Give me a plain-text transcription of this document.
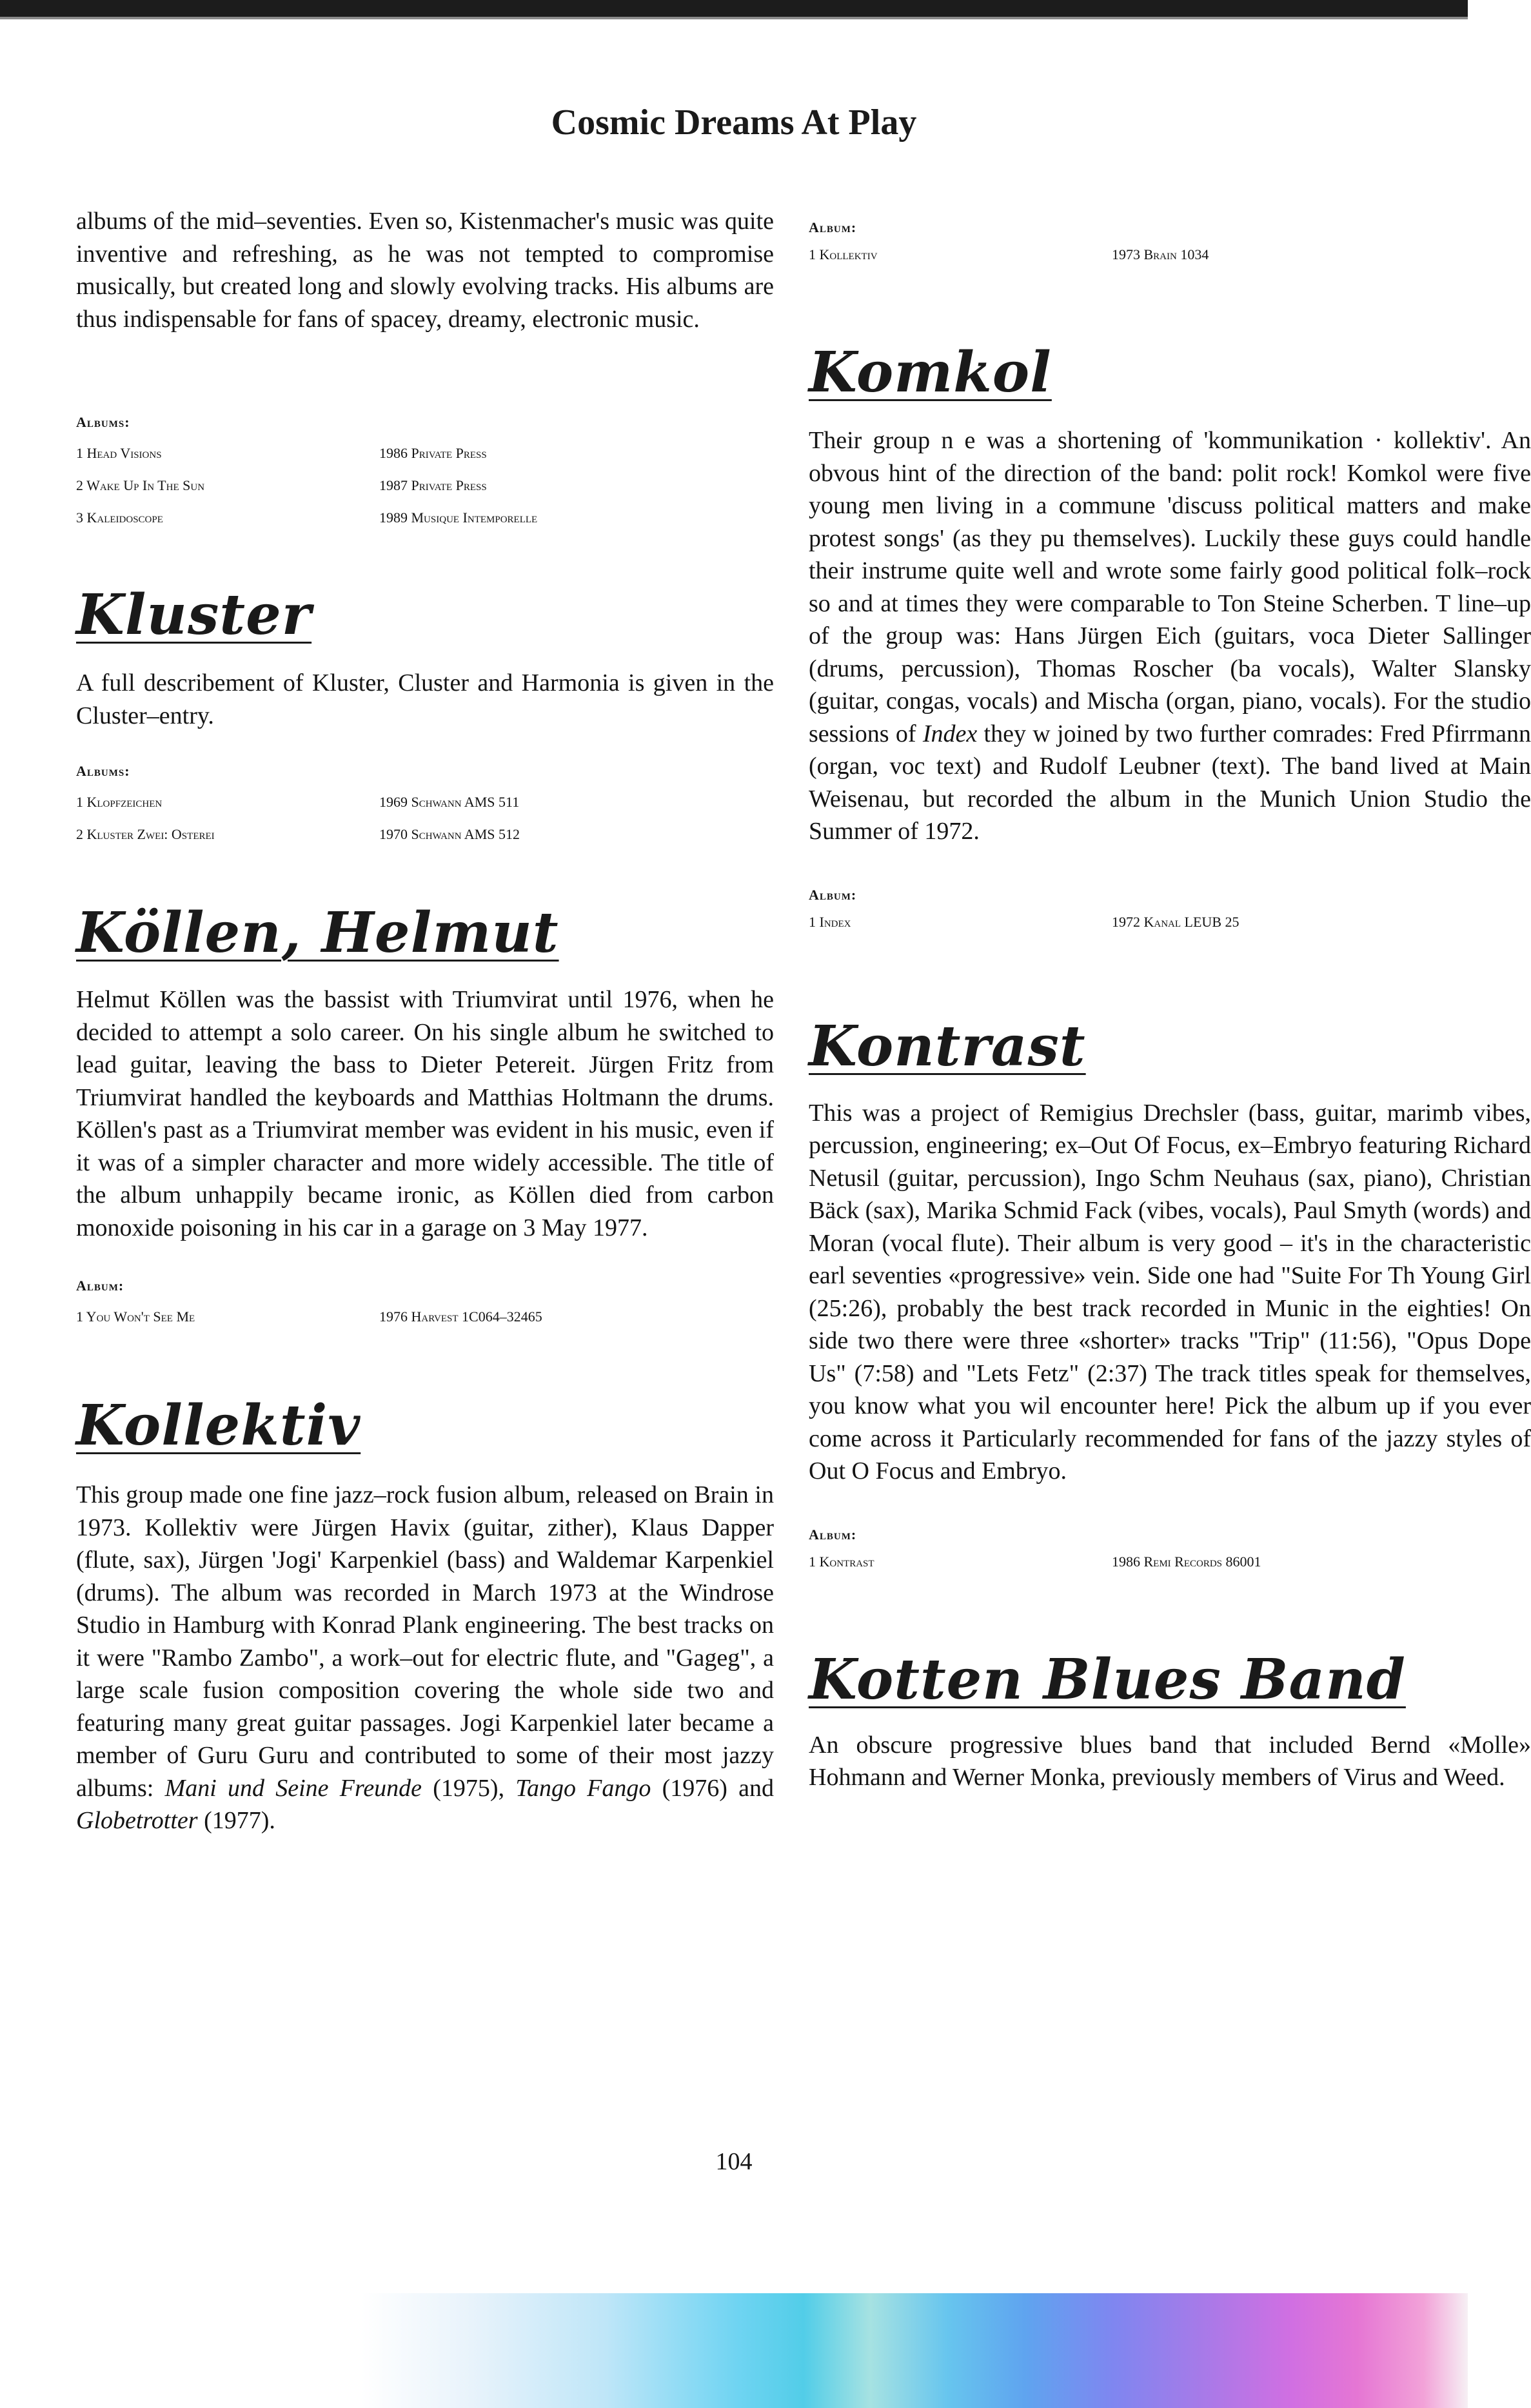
Cosmic Dreams At Play

albums of the mid–seventies. Even so, Kistenmacher's music was quite inventive and refreshing, as he was not tempted to compromise musically, but created long and slowly evolving tracks. His albums are thus indispensable for fans of spacey, dreamy, electronic music.

Albums:

1 Head Visions	1986 Private Press
2 Wake Up In The Sun	1987 Private Press
3 Kaleidoscope	1989 Musique Intemporelle
Kluster

A full describement of Kluster, Cluster and Harmonia is given in the Cluster–entry.

Albums:

1 Klopfzeichen	1969 Schwann AMS 511
2 Kluster Zwei: Osterei	1970 Schwann AMS 512
Köllen, Helmut

Helmut Köllen was the bassist with Triumvirat until 1976, when he decided to attempt a solo career. On his single album he switched to lead guitar, leaving the bass to Dieter Petereit. Jürgen Fritz from Triumvirat handled the keyboards and Matthias Holtmann the drums. Köllen's past as a Triumvirat member was evident in his music, even if it was of a simpler character and more widely accessible. The title of the album unhappily became ironic, as Köllen died from carbon monoxide poisoning in his car in a garage on 3 May 1977.

Album:

1 You Won't See Me	1976 Harvest 1C064–32465
Kollektiv

This group made one fine jazz–rock fusion album, released on Brain in 1973. Kollektiv were Jürgen Havix (guitar, zither), Klaus Dapper (flute, sax), Jürgen 'Jogi' Karpenkiel (bass) and Waldemar Karpenkiel (drums). The album was recorded in March 1973 at the Windrose Studio in Hamburg with Konrad Plank engineering. The best tracks on it were "Rambo Zambo", a work–out for electric flute, and "Gageg", a large scale fusion composition covering the whole side two and featuring many great guitar passages. Jogi Karpenkiel later became a member of Guru Guru and contributed to some of their most jazzy albums: Mani und Seine Freunde (1975), Tango Fango (1976) and Globetrotter (1977).

Album:

1 Kollektiv	1973 Brain 1034
Komkol

Their group n e was a shortening of 'kommunikation · kollektiv'. An obvous hint of the direction of the band: polit rock! Komkol were five young men living in a commune 'discuss political matters and make protest songs' (as they pu themselves). Luckily these guys could handle their instrume quite well and wrote some fairly good political folk–rock so and at times they were comparable to Ton Steine Scherben. T line–up of the group was: Hans Jürgen Eich (guitars, voca Dieter Sallinger (drums, percussion), Thomas Roscher (ba vocals), Walter Slansky (guitar, congas, vocals) and Mischa (organ, piano, vocals). For the studio sessions of Index they w joined by two further comrades: Fred Pfirrmann (organ, voc text) and Rudolf Leubner (text). The band lived at Main Weisenau, but recorded the album in the Munich Union Studio the Summer of 1972.

Album:

1 Index	1972 Kanal LEUB 25
Kontrast

This was a project of Remigius Drechsler (bass, guitar, marimb vibes, percussion, engineering; ex–Out Of Focus, ex–Embryo featuring Richard Netusil (guitar, percussion), Ingo Schm Neuhaus (sax, piano), Christian Bäck (sax), Marika Schmid Fack (vibes, vocals), Paul Smyth (words) and Moran (vocal flute). Their album is very good – it's in the characteristic earl seventies «progressive» vein. Side one had "Suite For Th Young Girl (25:26), probably the best track recorded in Munic in the eighties! On side two there were three «shorter» tracks "Trip" (11:56), "Opus Dope Us" (7:58) and "Lets Fetz" (2:37) The track titles speak for themselves, you know what you wil encounter here! Pick the album up if you ever come across it Particularly recommended for fans of the jazzy styles of Out O Focus and Embryo.

Album:

1 Kontrast	1986 Remi Records 86001
Kotten Blues Band

An obscure progressive blues band that included Bernd «Molle» Hohmann and Werner Monka, previously members of Virus and Weed.

104
